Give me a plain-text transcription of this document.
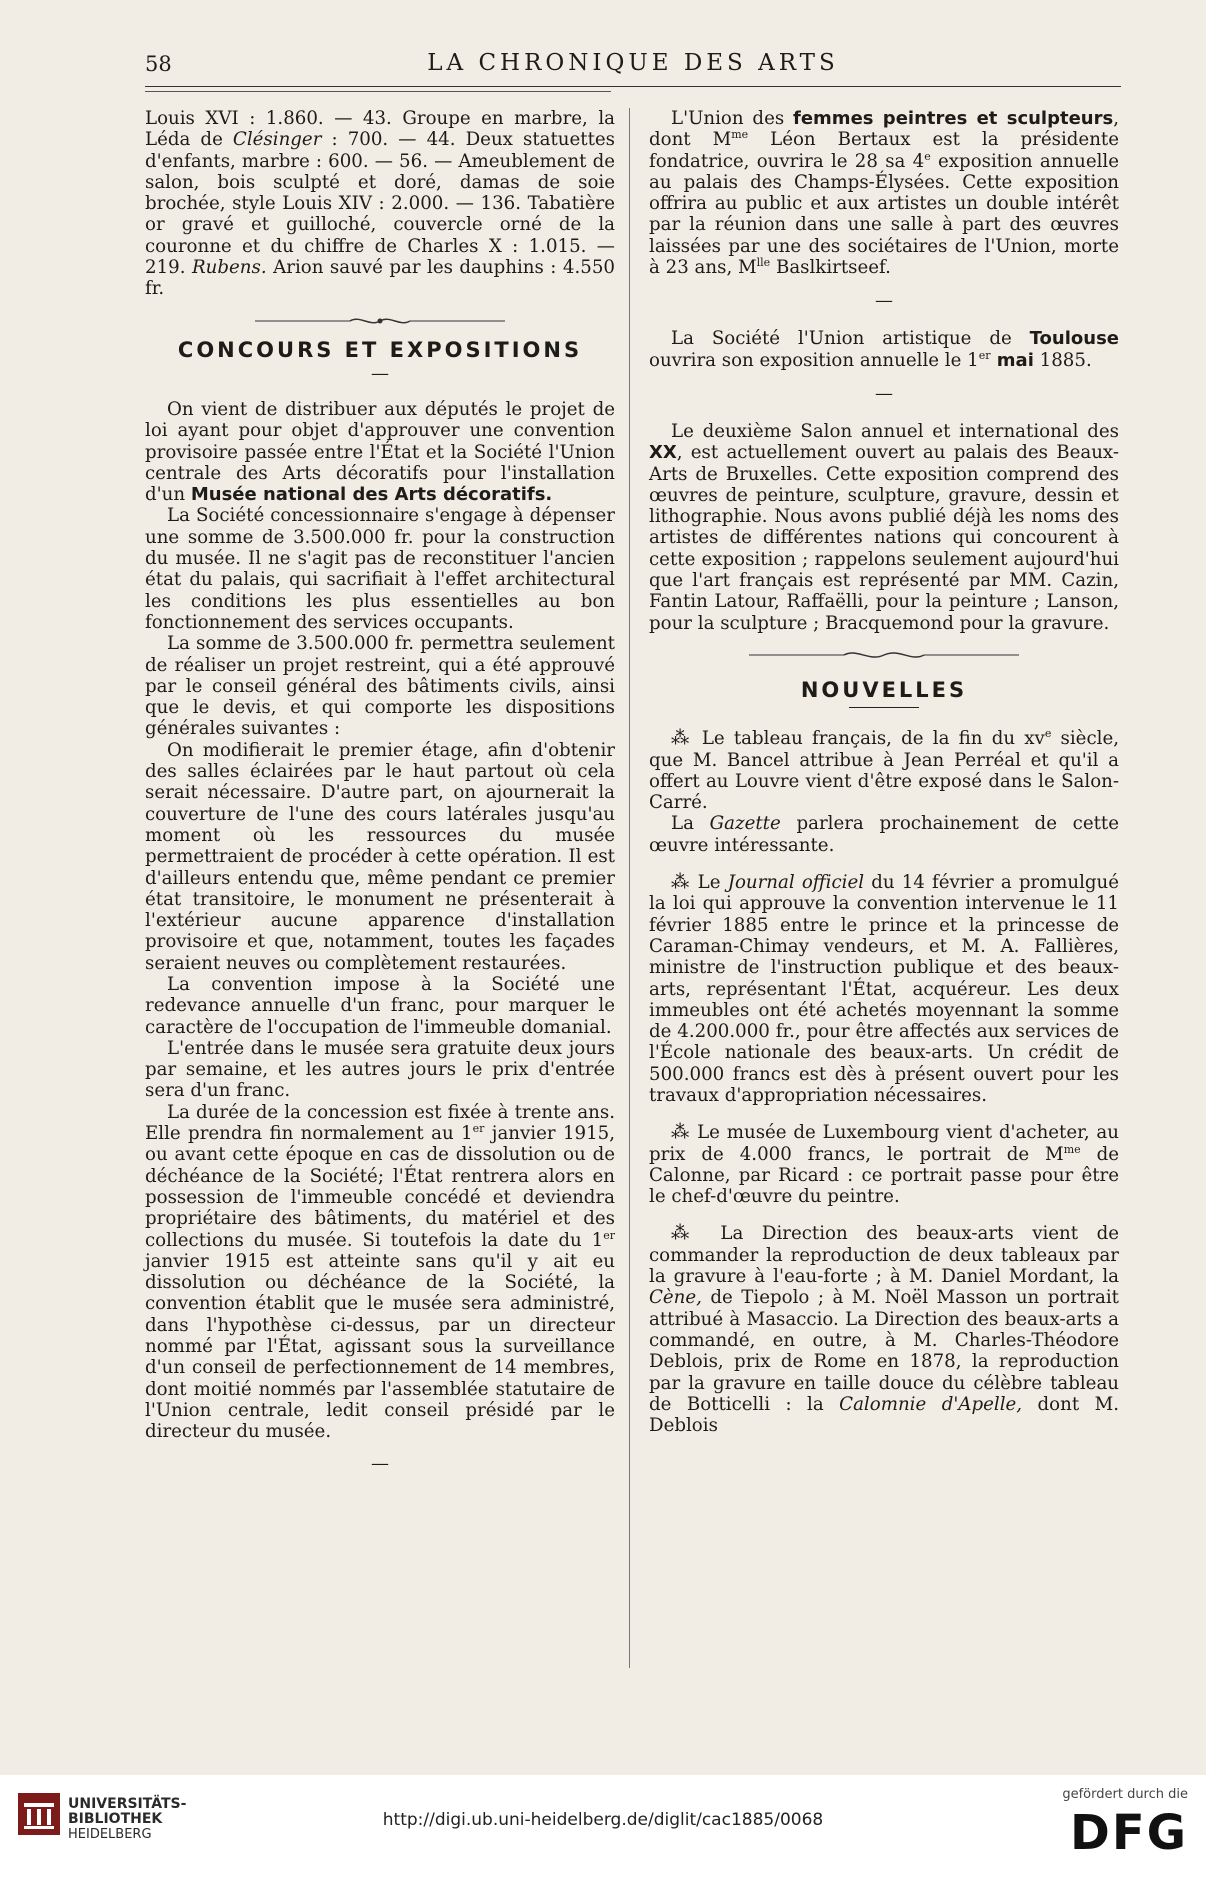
58	LA CHRONIQUE DES ARTS

Louis XVI : 1.860. — 43. Groupe en marbre, la Léda de Clésinger : 700. — 44. Deux statuettes d'enfants, marbre : 600. — 56. — Ameublement de salon, bois sculpté et doré, damas de soie brochée, style Louis XIV : 2.000. — 136. Tabatière or gravé et guilloché, couvercle orné de la couronne et du chiffre de Charles X : 1.015. — 219. Rubens. Arion sauvé par les dauphins : 4.550 fr.

CONCOURS ET EXPOSITIONS
—

On vient de distribuer aux députés le projet de loi ayant pour objet d'approuver une convention provisoire passée entre l'État et la Société l'Union centrale des Arts décoratifs pour l'installation d'un Musée national des Arts décoratifs.

La Société concessionnaire s'engage à dépenser une somme de 3.500.000 fr. pour la construction du musée. Il ne s'agit pas de reconstituer l'ancien état du palais, qui sacrifiait à l'effet architectural les conditions les plus essentielles au bon fonctionnement des services occupants.

La somme de 3.500.000 fr. permettra seulement de réaliser un projet restreint, qui a été approuvé par le conseil général des bâtiments civils, ainsi que le devis, et qui comporte les dispositions générales suivantes :

On modifierait le premier étage, afin d'obtenir des salles éclairées par le haut partout où cela serait nécessaire. D'autre part, on ajournerait la couverture de l'une des cours latérales jusqu'au moment où les ressources du musée permettraient de procéder à cette opération. Il est d'ailleurs entendu que, même pendant ce premier état transitoire, le monument ne présenterait à l'extérieur aucune apparence d'installation provisoire et que, notamment, toutes les façades seraient neuves ou complètement restaurées.

La convention impose à la Société une redevance annuelle d'un franc, pour marquer le caractère de l'occupation de l'immeuble domanial.

L'entrée dans le musée sera gratuite deux jours par semaine, et les autres jours le prix d'entrée sera d'un franc.

La durée de la concession est fixée à trente ans. Elle prendra fin normalement au 1er janvier 1915, ou avant cette époque en cas de dissolution ou de déchéance de la Société; l'État rentrera alors en possession de l'immeuble concédé et deviendra propriétaire des bâtiments, du matériel et des collections du musée. Si toutefois la date du 1er janvier 1915 est atteinte sans qu'il y ait eu dissolution ou déchéance de la Société, la convention établit que le musée sera administré, dans l'hypothèse ci-dessus, par un directeur nommé par l'État, agissant sous la surveillance d'un conseil de perfectionnement de 14 membres, dont moitié nommés par l'assemblée statutaire de l'Union centrale, ledit conseil présidé par le directeur du musée.

—

L'Union des femmes peintres et sculpteurs, dont $M^{me}$ Léon Bertaux est la présidente fondatrice, ouvrira le 28 sa 4e exposition annuelle au palais des Champs-Élysées. Cette exposition offrira au public et aux artistes un double intérêt par la réunion dans une salle à part des œuvres laissées par une des sociétaires de l'Union, morte à 23 ans, $M^{lle}$ Baslkirtseef.

—

La Société l'Union artistique de Toulouse ouvrira son exposition annuelle le 1er mai 1885.

—

Le deuxième Salon annuel et international des XX, est actuellement ouvert au palais des Beaux-Arts de Bruxelles. Cette exposition comprend des œuvres de peinture, sculpture, gravure, dessin et lithographie. Nous avons publié déjà les noms des artistes de différentes nations qui concourent à cette exposition ; rappelons seulement aujourd'hui que l'art français est représenté par MM. Cazin, Fantin Latour, Raffaëlli, pour la peinture ; Lanson, pour la sculpture ; Bracquemond pour la gravure.

NOUVELLES

⁂ Le tableau français, de la fin du $xv^e$ siècle, que M. Bancel attribue à Jean Perréal et qu'il a offert au Louvre vient d'être exposé dans le Salon-Carré.

La Gazette parlera prochainement de cette œuvre intéressante.

⁂ Le Journal officiel du 14 février a promulgué la loi qui approuve la convention intervenue le 11 février 1885 entre le prince et la princesse de Caraman-Chimay vendeurs, et M. A. Fallières, ministre de l'instruction publique et des beaux-arts, représentant l'État, acquéreur. Les deux immeubles ont été achetés moyennant la somme de 4.200.000 fr., pour être affectés aux services de l'École nationale des beaux-arts. Un crédit de 500.000 francs est dès à présent ouvert pour les travaux d'appropriation nécessaires.

⁂ Le musée de Luxembourg vient d'acheter, au prix de 4.000 francs, le portrait de $M^{me}$ de Calonne, par Ricard : ce portrait passe pour être le chef-d'œuvre du peintre.

⁂ La Direction des beaux-arts vient de commander la reproduction de deux tableaux par la gravure à l'eau-forte ; à M. Daniel Mordant, la Cène, de Tiepolo ; à M. Noël Masson un portrait attribué à Masaccio. La Direction des beaux-arts a commandé, en outre, à M. Charles-Théodore Deblois, prix de Rome en 1878, la reproduction par la gravure en taille douce du célèbre tableau de Botticelli : la Calomnie d'Apelle, dont M. Deblois

UNIVERSITÄTS-
BIBLIOTHEK
HEIDELBERG
http://digi.ub.uni-heidelberg.de/diglit/cac1885/0068
gefördert durch die
DFG
